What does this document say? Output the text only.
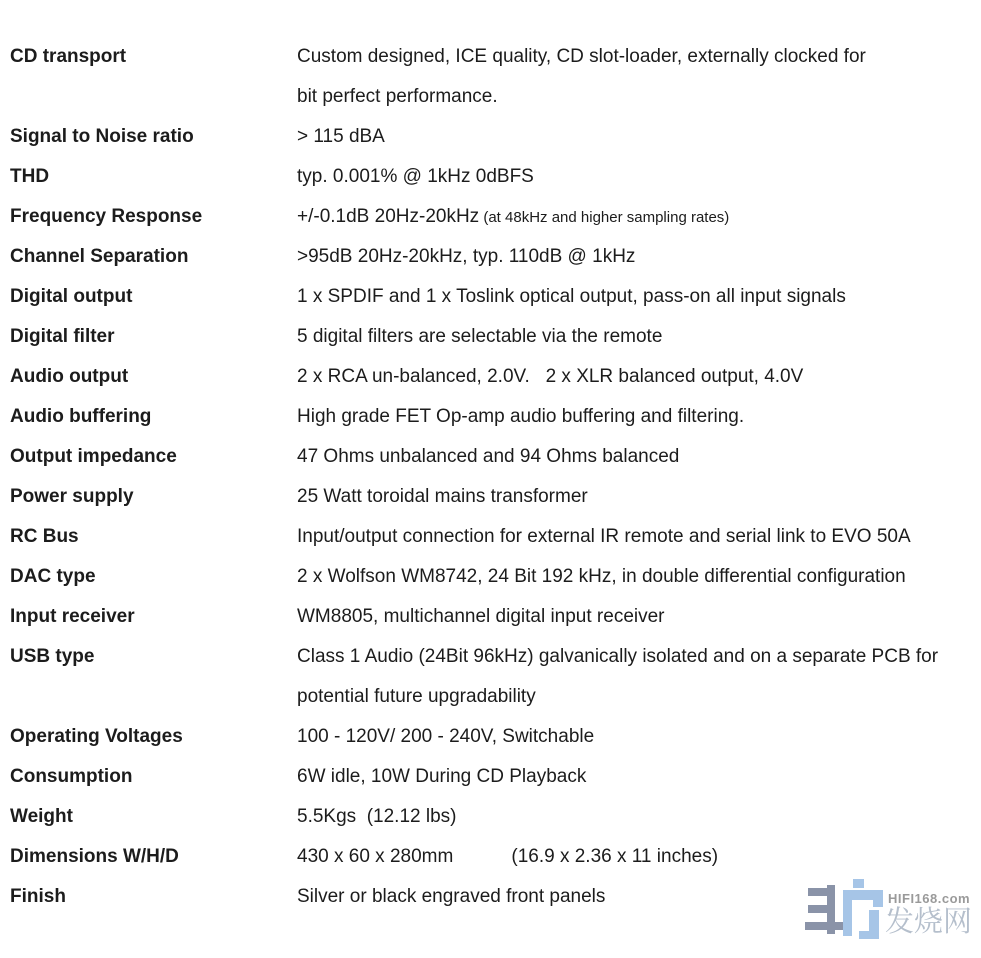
CD transport	Custom designed, ICE quality, CD slot-loader, externally clocked for
bit perfect performance.
Signal to Noise ratio	> 115 dBA
THD	typ. 0.001% @ 1kHz 0dBFS
Frequency Response	+/-0.1dB 20Hz-20kHz (at 48kHz and higher sampling rates)
Channel Separation	>95dB 20Hz-20kHz, typ. 110dB @ 1kHz
Digital output	1 x SPDIF and 1 x Toslink optical output, pass-on all input signals
Digital filter	5 digital filters are selectable via the remote
Audio output	2 x RCA un-balanced, 2.0V.   2 x XLR balanced output, 4.0V
Audio buffering	High grade FET Op-amp audio buffering and filtering.
Output impedance	47 Ohms unbalanced and 94 Ohms balanced
Power supply	25 Watt toroidal mains transformer
RC Bus	Input/output connection for external IR remote and serial link to EVO 50A
DAC type	2 x Wolfson WM8742, 24 Bit 192 kHz, in double differential configuration
Input receiver	WM8805, multichannel digital input receiver
USB type	Class 1 Audio (24Bit 96kHz) galvanically isolated and on a separate PCB for
potential future upgradability
Operating Voltages	100 - 120V/ 200 - 240V, Switchable
Consumption	6W idle, 10W During CD Playback
Weight	5.5Kgs  (12.12 lbs)
Dimensions W/H/D	430 x 60 x 280mm           (16.9 x 2.36 x 11 inches)
Finish	Silver or black engraved front panels	HIFI168.com
发烧网
